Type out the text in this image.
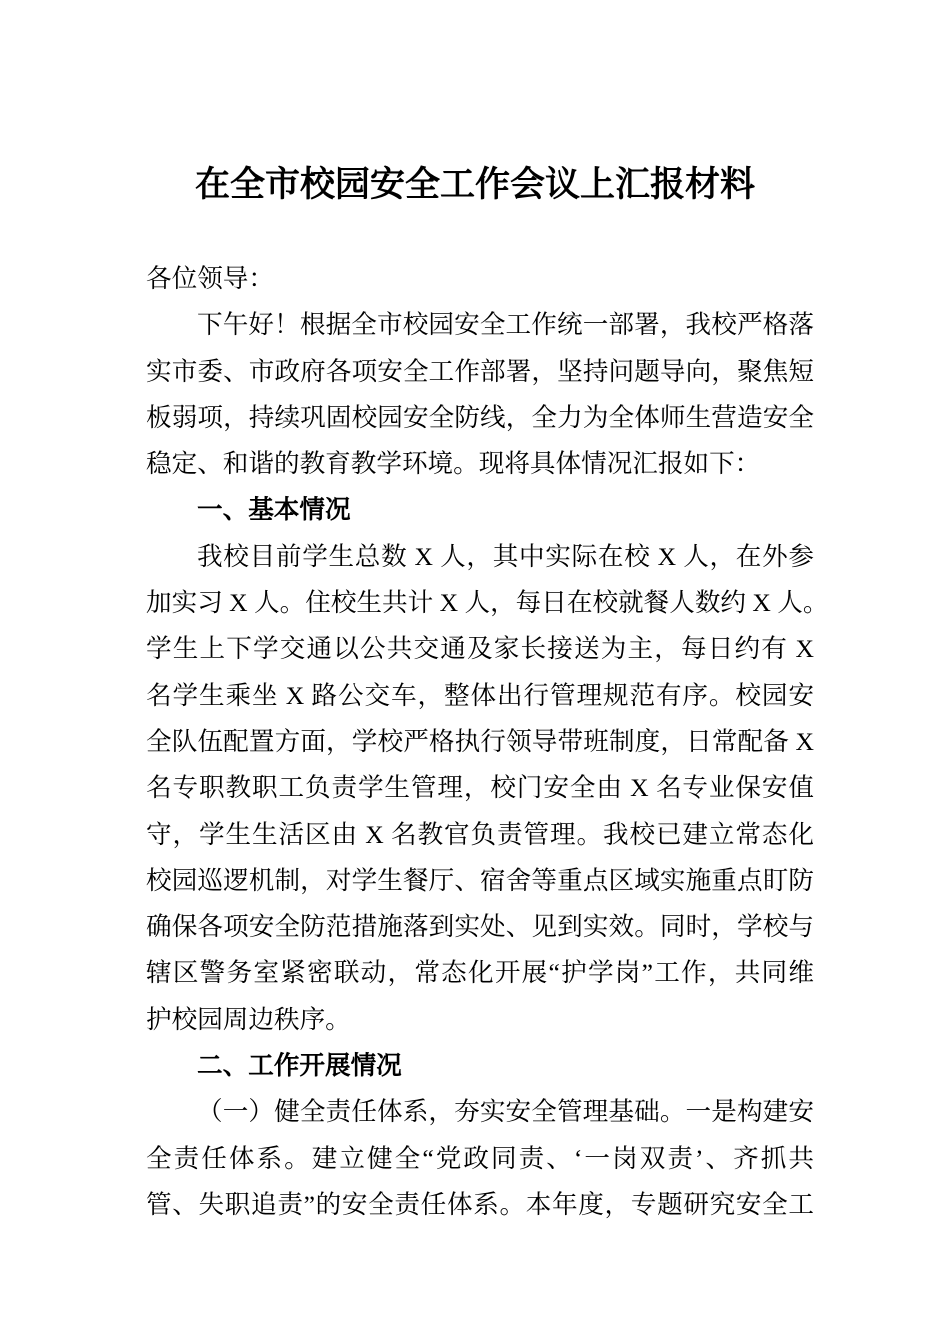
在全市校园安全工作会议上汇报材料
各位领导：
下午好！根据全市校园安全工作统一部署，我校严格落
实市委、市政府各项安全工作部署，坚持问题导向，聚焦短
板弱项，持续巩固校园安全防线，全力为全体师生营造安全
稳定、和谐的教育教学环境。现将具体情况汇报如下：
一、基本情况
我校目前学生总数 X 人，其中实际在校 X 人，在外参
加实习 X 人。住校生共计 X 人，每日在校就餐人数约 X 人。
学生上下学交通以公共交通及家长接送为主，每日约有 X
名学生乘坐 X 路公交车，整体出行管理规范有序。校园安
全队伍配置方面，学校严格执行领导带班制度，日常配备 X
名专职教职工负责学生管理，校门安全由 X 名专业保安值
守，学生生活区由 X 名教官负责管理。我校已建立常态化
校园巡逻机制，对学生餐厅、宿舍等重点区域实施重点盯防
确保各项安全防范措施落到实处、见到实效。同时，学校与
辖区警务室紧密联动，常态化开展“护学岗”工作，共同维
护校园周边秩序。
二、工作开展情况
（一）健全责任体系，夯实安全管理基础。一是构建安
全责任体系。建立健全“党政同责、‘一岗双责’、齐抓共
管、失职追责”的安全责任体系。本年度，专题研究安全工
